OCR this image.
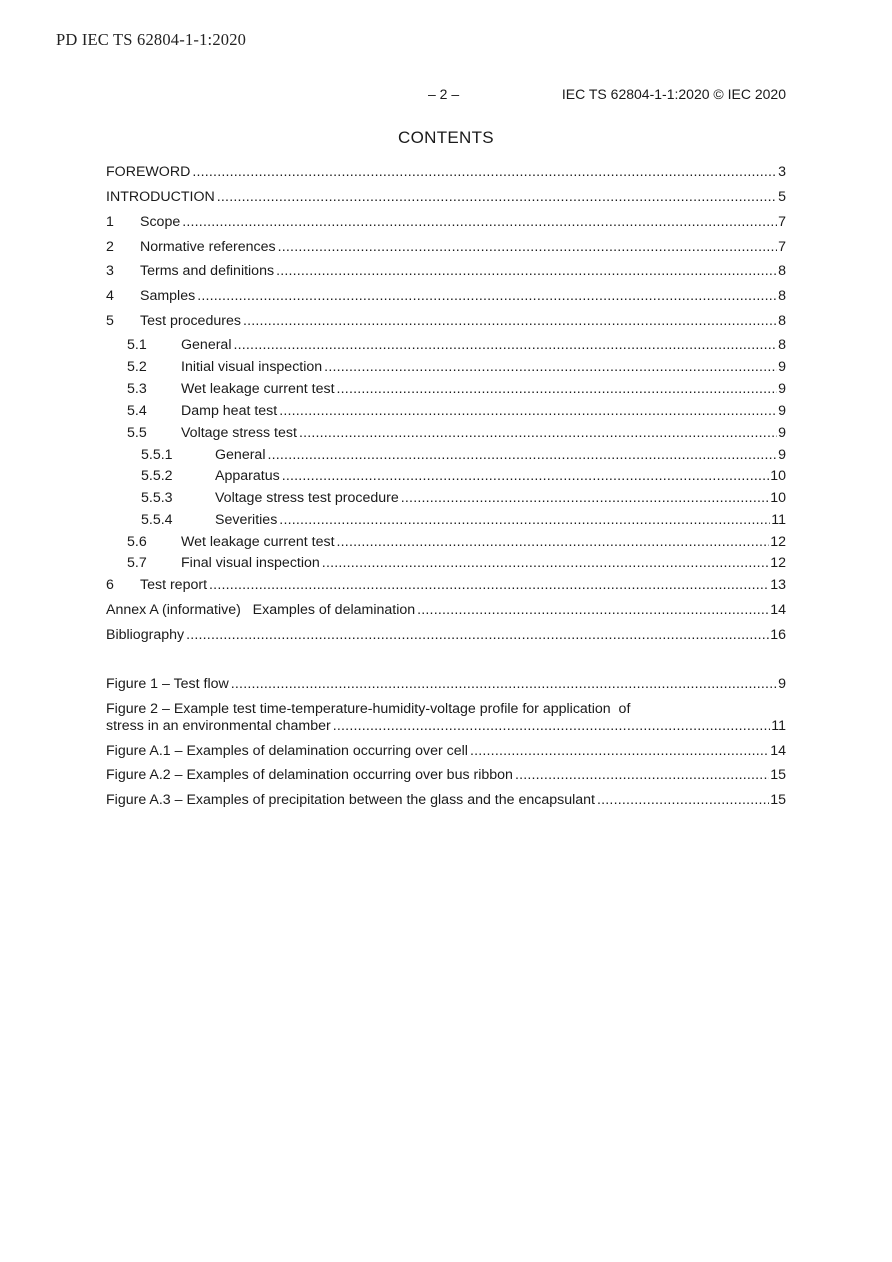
PD IEC TS 62804-1-1:2020
– 2 –	IEC TS 62804-1-1:2020 © IEC 2020
CONTENTS
FOREWORD .....	3
INTRODUCTION .....	5
1	Scope .....	7
2	Normative references .....	7
3	Terms and definitions .....	8
4	Samples .....	8
5	Test procedures .....	8
5.1	General .....	8
5.2	Initial visual inspection .....	9
5.3	Wet leakage current test .....	9
5.4	Damp heat test .....	9
5.5	Voltage stress test .....	9
5.5.1	General .....	9
5.5.2	Apparatus .....	10
5.5.3	Voltage stress test procedure .....	10
5.5.4	Severities .....	11
5.6	Wet leakage current test .....	12
5.7	Final visual inspection .....	12
6	Test report .....	13
Annex A (informative)   Examples of delamination .....	14
Bibliography .....	16
Figure 1 – Test flow .....	9
Figure 2 – Example test time-temperature-humidity-voltage profile for application  of
stress in an environmental chamber .....	11
Figure A.1 – Examples of delamination occurring over cell .....	14
Figure A.2 – Examples of delamination occurring over bus ribbon .....	15
Figure A.3 – Examples of precipitation between the glass and the encapsulant .....	15
